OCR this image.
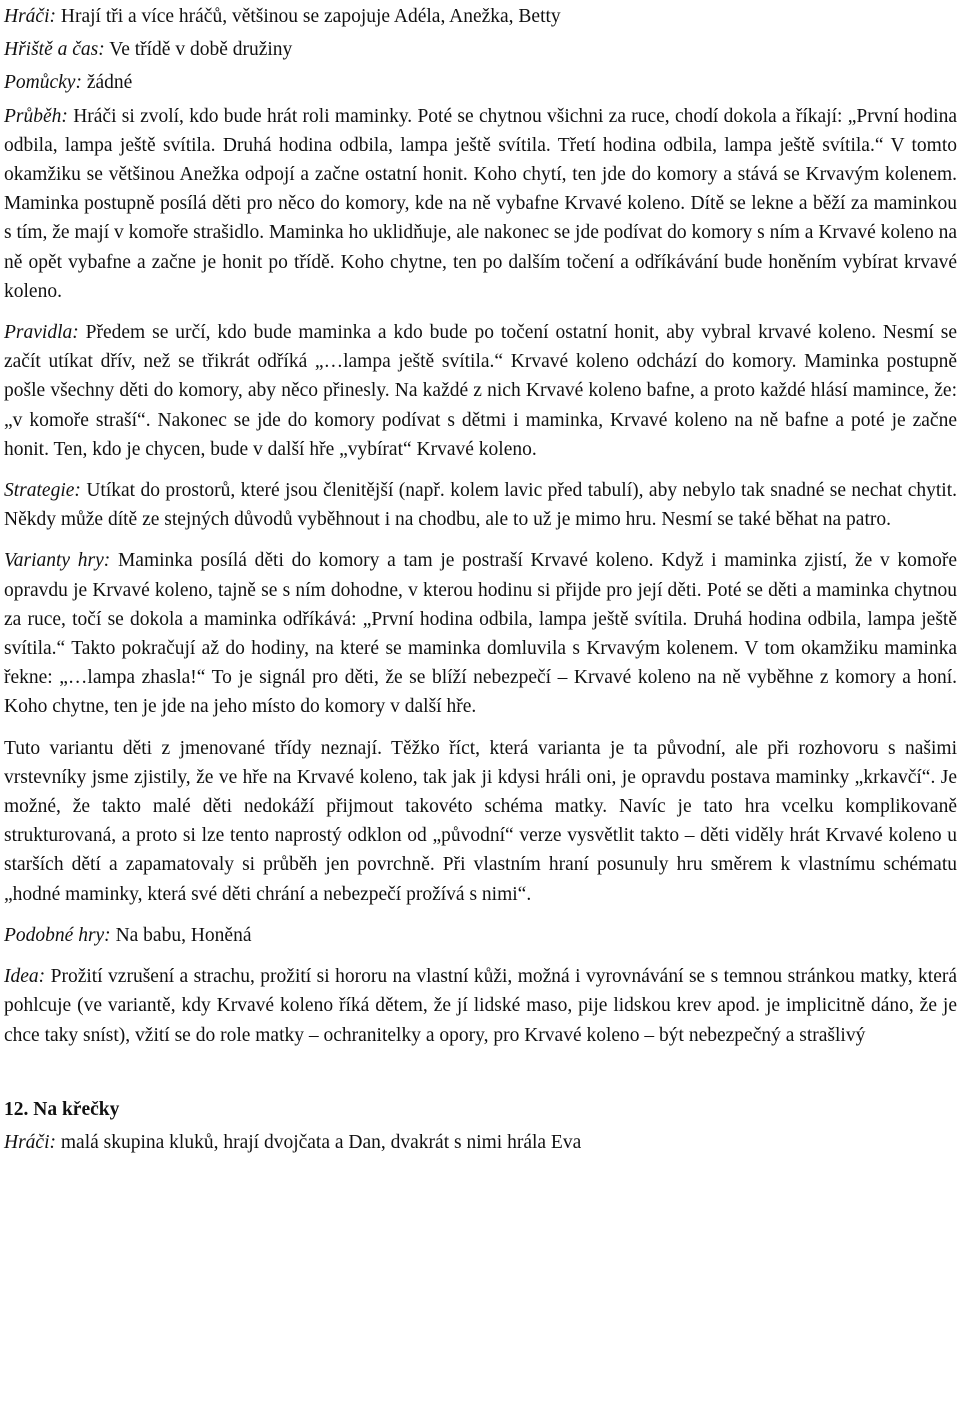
Hráči: Hrají tři a více hráčů, většinou se zapojuje Adéla, Anežka, Betty

Hřiště a čas: Ve třídě v době družiny

Pomůcky: žádné

Průběh: Hráči si zvolí, kdo bude hrát roli maminky. Poté se chytnou všichni za ruce, chodí dokola a říkají: „První hodina odbila, lampa ještě svítila. Druhá hodina odbila, lampa ještě svítila. Třetí hodina odbila, lampa ještě svítila.“ V tomto okamžiku se většinou Anežka odpojí a začne ostatní honit. Koho chytí, ten jde do komory a stává se Krvavým kolenem. Maminka postupně posílá děti pro něco do komory, kde na ně vybafne Krvavé koleno. Dítě se lekne a běží za maminkou s tím, že mají v komoře strašidlo. Maminka ho uklidňuje, ale nakonec se jde podívat do komory s ním a Krvavé koleno na ně opět vybafne a začne je honit po třídě. Koho chytne, ten po dalším točení a odříkávání bude honěním vybírat krvavé koleno.

Pravidla: Předem se určí, kdo bude maminka a kdo bude po točení ostatní honit, aby vybral krvavé koleno. Nesmí se začít utíkat dřív, než se třikrát odříká „…lampa ještě svítila.“ Krvavé koleno odchází do komory. Maminka postupně pošle všechny děti do komory, aby něco přinesly. Na každé z nich Krvavé koleno bafne, a proto každé hlásí mamince, že: „v komoře straší“. Nakonec se jde do komory podívat s dětmi i maminka, Krvavé koleno na ně bafne a poté je začne honit. Ten, kdo je chycen, bude v další hře „vybírat“ Krvavé koleno.

Strategie: Utíkat do prostorů, které jsou členitější (např. kolem lavic před tabulí), aby nebylo tak snadné se nechat chytit. Někdy může dítě ze stejných důvodů vyběhnout i na chodbu, ale to už je mimo hru. Nesmí se také běhat na patro.

Varianty hry: Maminka posílá děti do komory a tam je postraší Krvavé koleno. Když i maminka zjistí, že v komoře opravdu je Krvavé koleno, tajně se s ním dohodne, v kterou hodinu si přijde pro její děti. Poté se děti a maminka chytnou za ruce, točí se dokola a maminka odříkává: „První hodina odbila, lampa ještě svítila. Druhá hodina odbila, lampa ještě svítila.“ Takto pokračují až do hodiny, na které se maminka domluvila s Krvavým kolenem. V tom okamžiku maminka řekne: „…lampa zhasla!“ To je signál pro děti, že se blíží nebezpečí – Krvavé koleno na ně vyběhne z komory a honí. Koho chytne, ten je jde na jeho místo do komory v další hře.

Tuto variantu děti z jmenované třídy neznají. Těžko říct, která varianta je ta původní, ale při rozhovoru s našimi vrstevníky jsme zjistily, že ve hře na Krvavé koleno, tak jak ji kdysi hráli oni, je opravdu postava maminky „krkavčí“. Je možné, že takto malé děti nedokáží přijmout takovéto schéma matky. Navíc je tato hra vcelku komplikovaně strukturovaná, a proto si lze tento naprostý odklon od „původní“ verze vysvětlit takto – děti viděly hrát Krvavé koleno u starších dětí a zapamatovaly si průběh jen povrchně. Při vlastním hraní posunuly hru směrem k vlastnímu schématu „hodné maminky, která své děti chrání a nebezpečí prožívá s nimi“.

Podobné hry: Na babu, Honěná

Idea: Prožití vzrušení a strachu, prožití si hororu na vlastní kůži, možná i vyrovnávání se s temnou stránkou matky, která pohlcuje (ve variantě, kdy Krvavé koleno říká dětem, že jí lidské maso, pije lidskou krev apod. je implicitně dáno, že je chce taky sníst), vžití se do role matky – ochranitelky a opory, pro Krvavé koleno – být nebezpečný a strašlivý

12. Na křečky

Hráči: malá skupina kluků, hrají dvojčata a Dan, dvakrát s nimi hrála Eva
